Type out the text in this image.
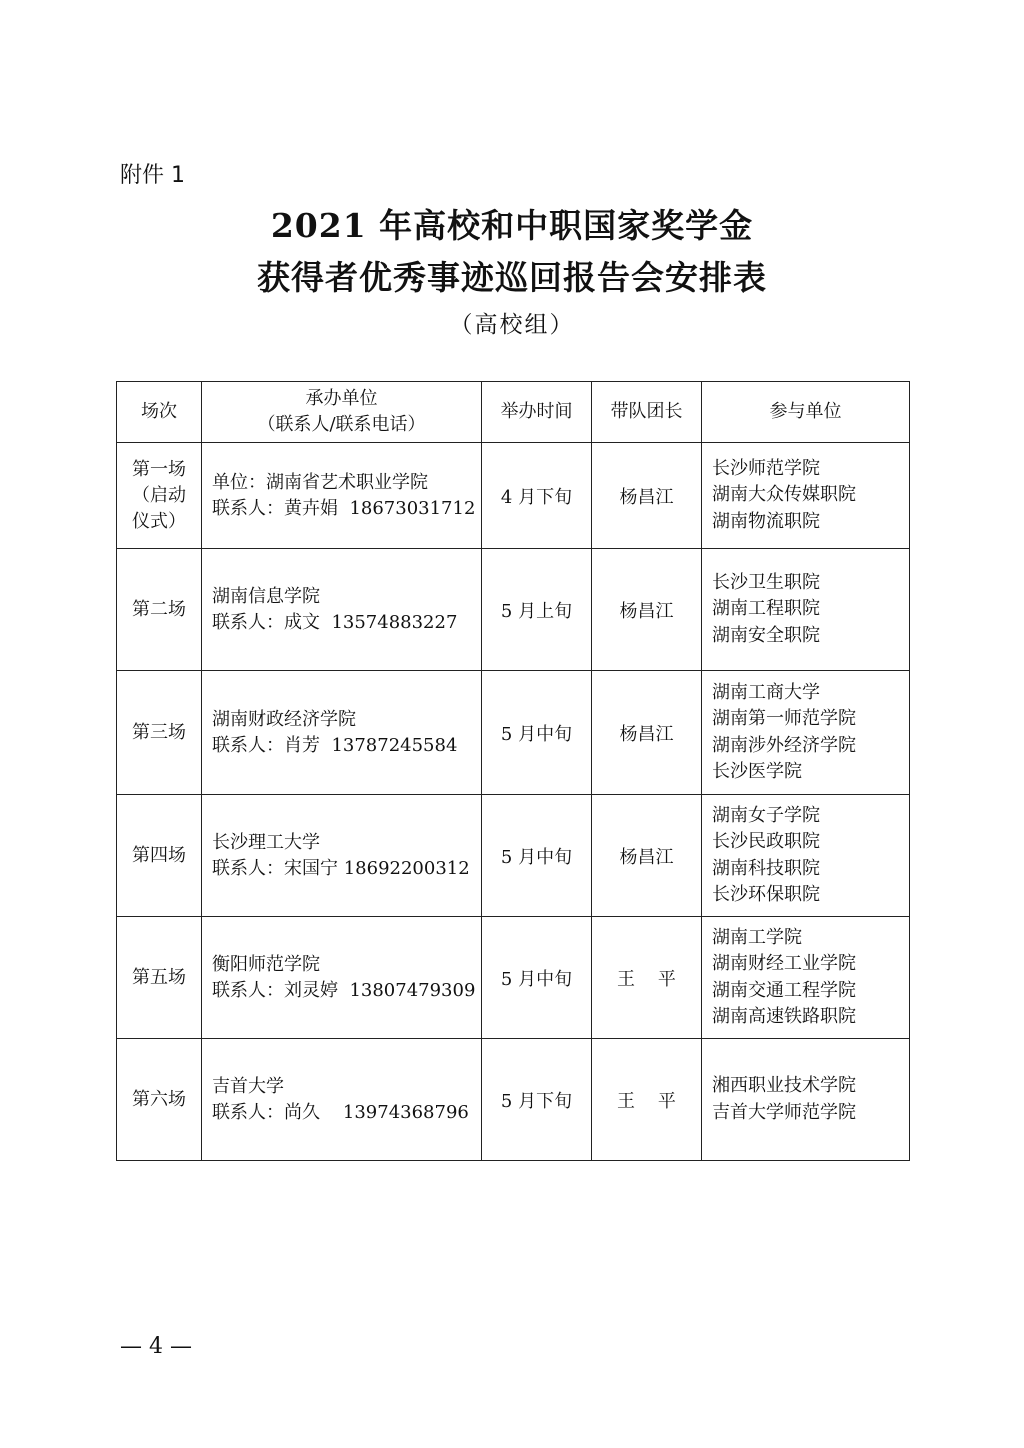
附件 1
2021 年高校和中职国家奖学金
获得者优秀事迹巡回报告会安排表
（高校组）
场次	承办单位
（联系人/联系电话）	举办时间	带队团长	参与单位

第一场
（启动
仪式）	单位：湖南省艺术职业学院
联系人：黄卉娟  18673031712	4 月下旬	杨昌江	长沙师范学院
湖南大众传媒职院
湖南物流职院

第二场	湖南信息学院
联系人：成文  13574883227	5 月上旬	杨昌江	长沙卫生职院
湖南工程职院
湖南安全职院

第三场	湖南财政经济学院
联系人：肖芳  13787245584	5 月中旬	杨昌江	湖南工商大学
湖南第一师范学院
湖南涉外经济学院
长沙医学院

第四场	长沙理工大学
联系人：宋国宁 18692200312	5 月中旬	杨昌江	湖南女子学院
长沙民政职院
湖南科技职院
长沙环保职院

第五场	衡阳师范学院
联系人：刘灵婷  13807479309	5 月中旬	王    平	湖南工学院
湖南财经工业学院
湖南交通工程学院
湖南高速铁路职院

第六场	吉首大学
联系人：尚久    13974368796	5 月下旬	王    平	湘西职业技术学院
吉首大学师范学院
— 4 —
